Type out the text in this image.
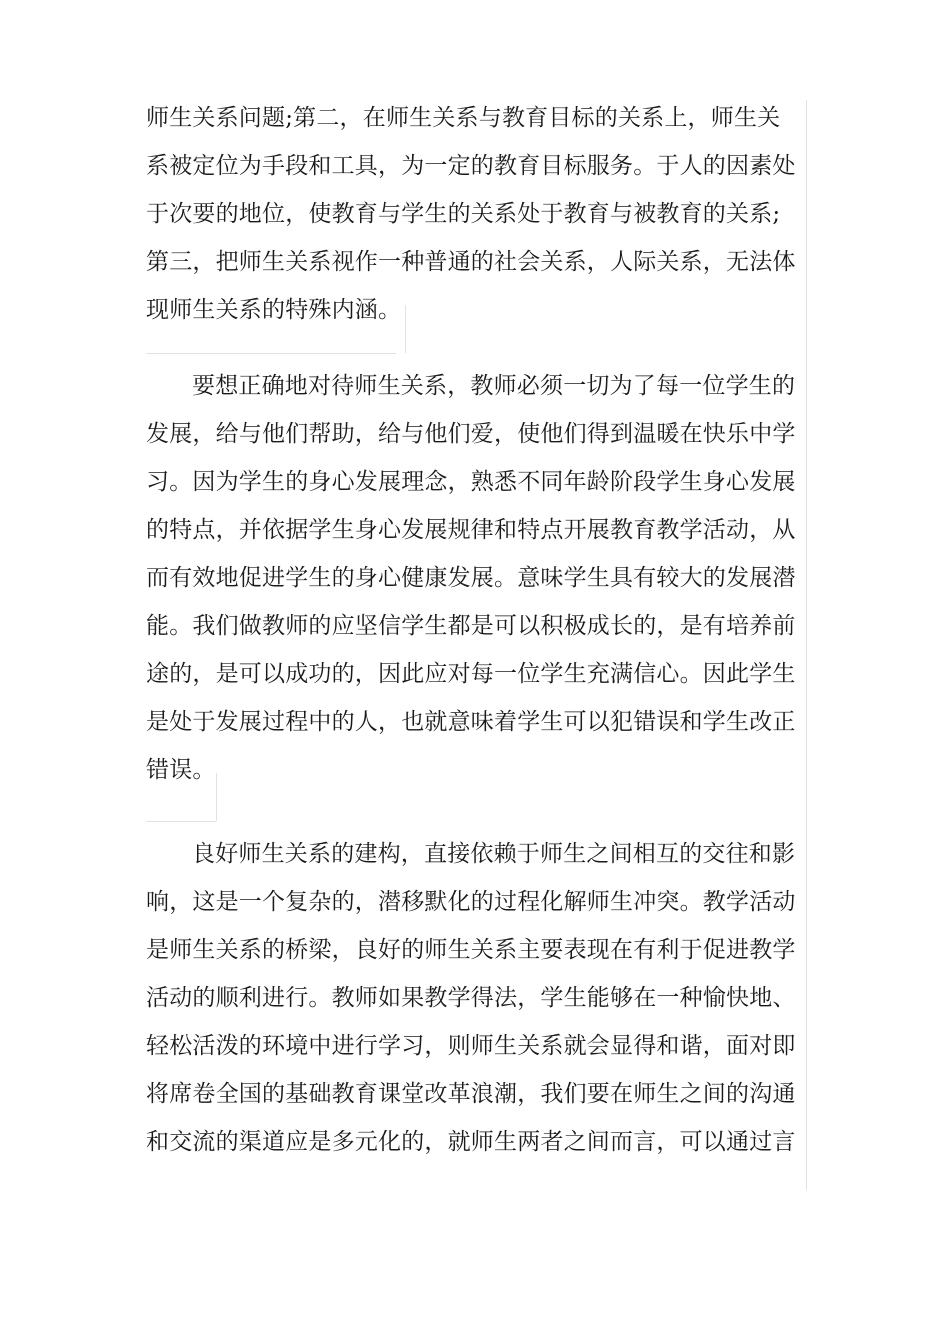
师生关系问题;第二，在师生关系与教育目标的关系上，师生关
系被定位为手段和工具，为一定的教育目标服务。于人的因素处
于次要的地位，使教育与学生的关系处于教育与被教育的关系;
第三，把师生关系视作一种普通的社会关系，人际关系，无法体
现师生关系的特殊内涵。
要想正确地对待师生关系，教师必须一切为了每一位学生的
发展，给与他们帮助，给与他们爱，使他们得到温暖在快乐中学
习。因为学生的身心发展理念，熟悉不同年龄阶段学生身心发展
的特点，并依据学生身心发展规律和特点开展教育教学活动，从
而有效地促进学生的身心健康发展。意味学生具有较大的发展潜
能。我们做教师的应坚信学生都是可以积极成长的，是有培养前
途的，是可以成功的，因此应对每一位学生充满信心。因此学生
是处于发展过程中的人，也就意味着学生可以犯错误和学生改正
错误。
良好师生关系的建构，直接依赖于师生之间相互的交往和影
响，这是一个复杂的，潜移默化的过程化解师生冲突。教学活动
是师生关系的桥梁，良好的师生关系主要表现在有利于促进教学
活动的顺利进行。教师如果教学得法，学生能够在一种愉快地、
轻松活泼的环境中进行学习，则师生关系就会显得和谐，面对即
将席卷全国的基础教育课堂改革浪潮，我们要在师生之间的沟通
和交流的渠道应是多元化的，就师生两者之间而言，可以通过言
